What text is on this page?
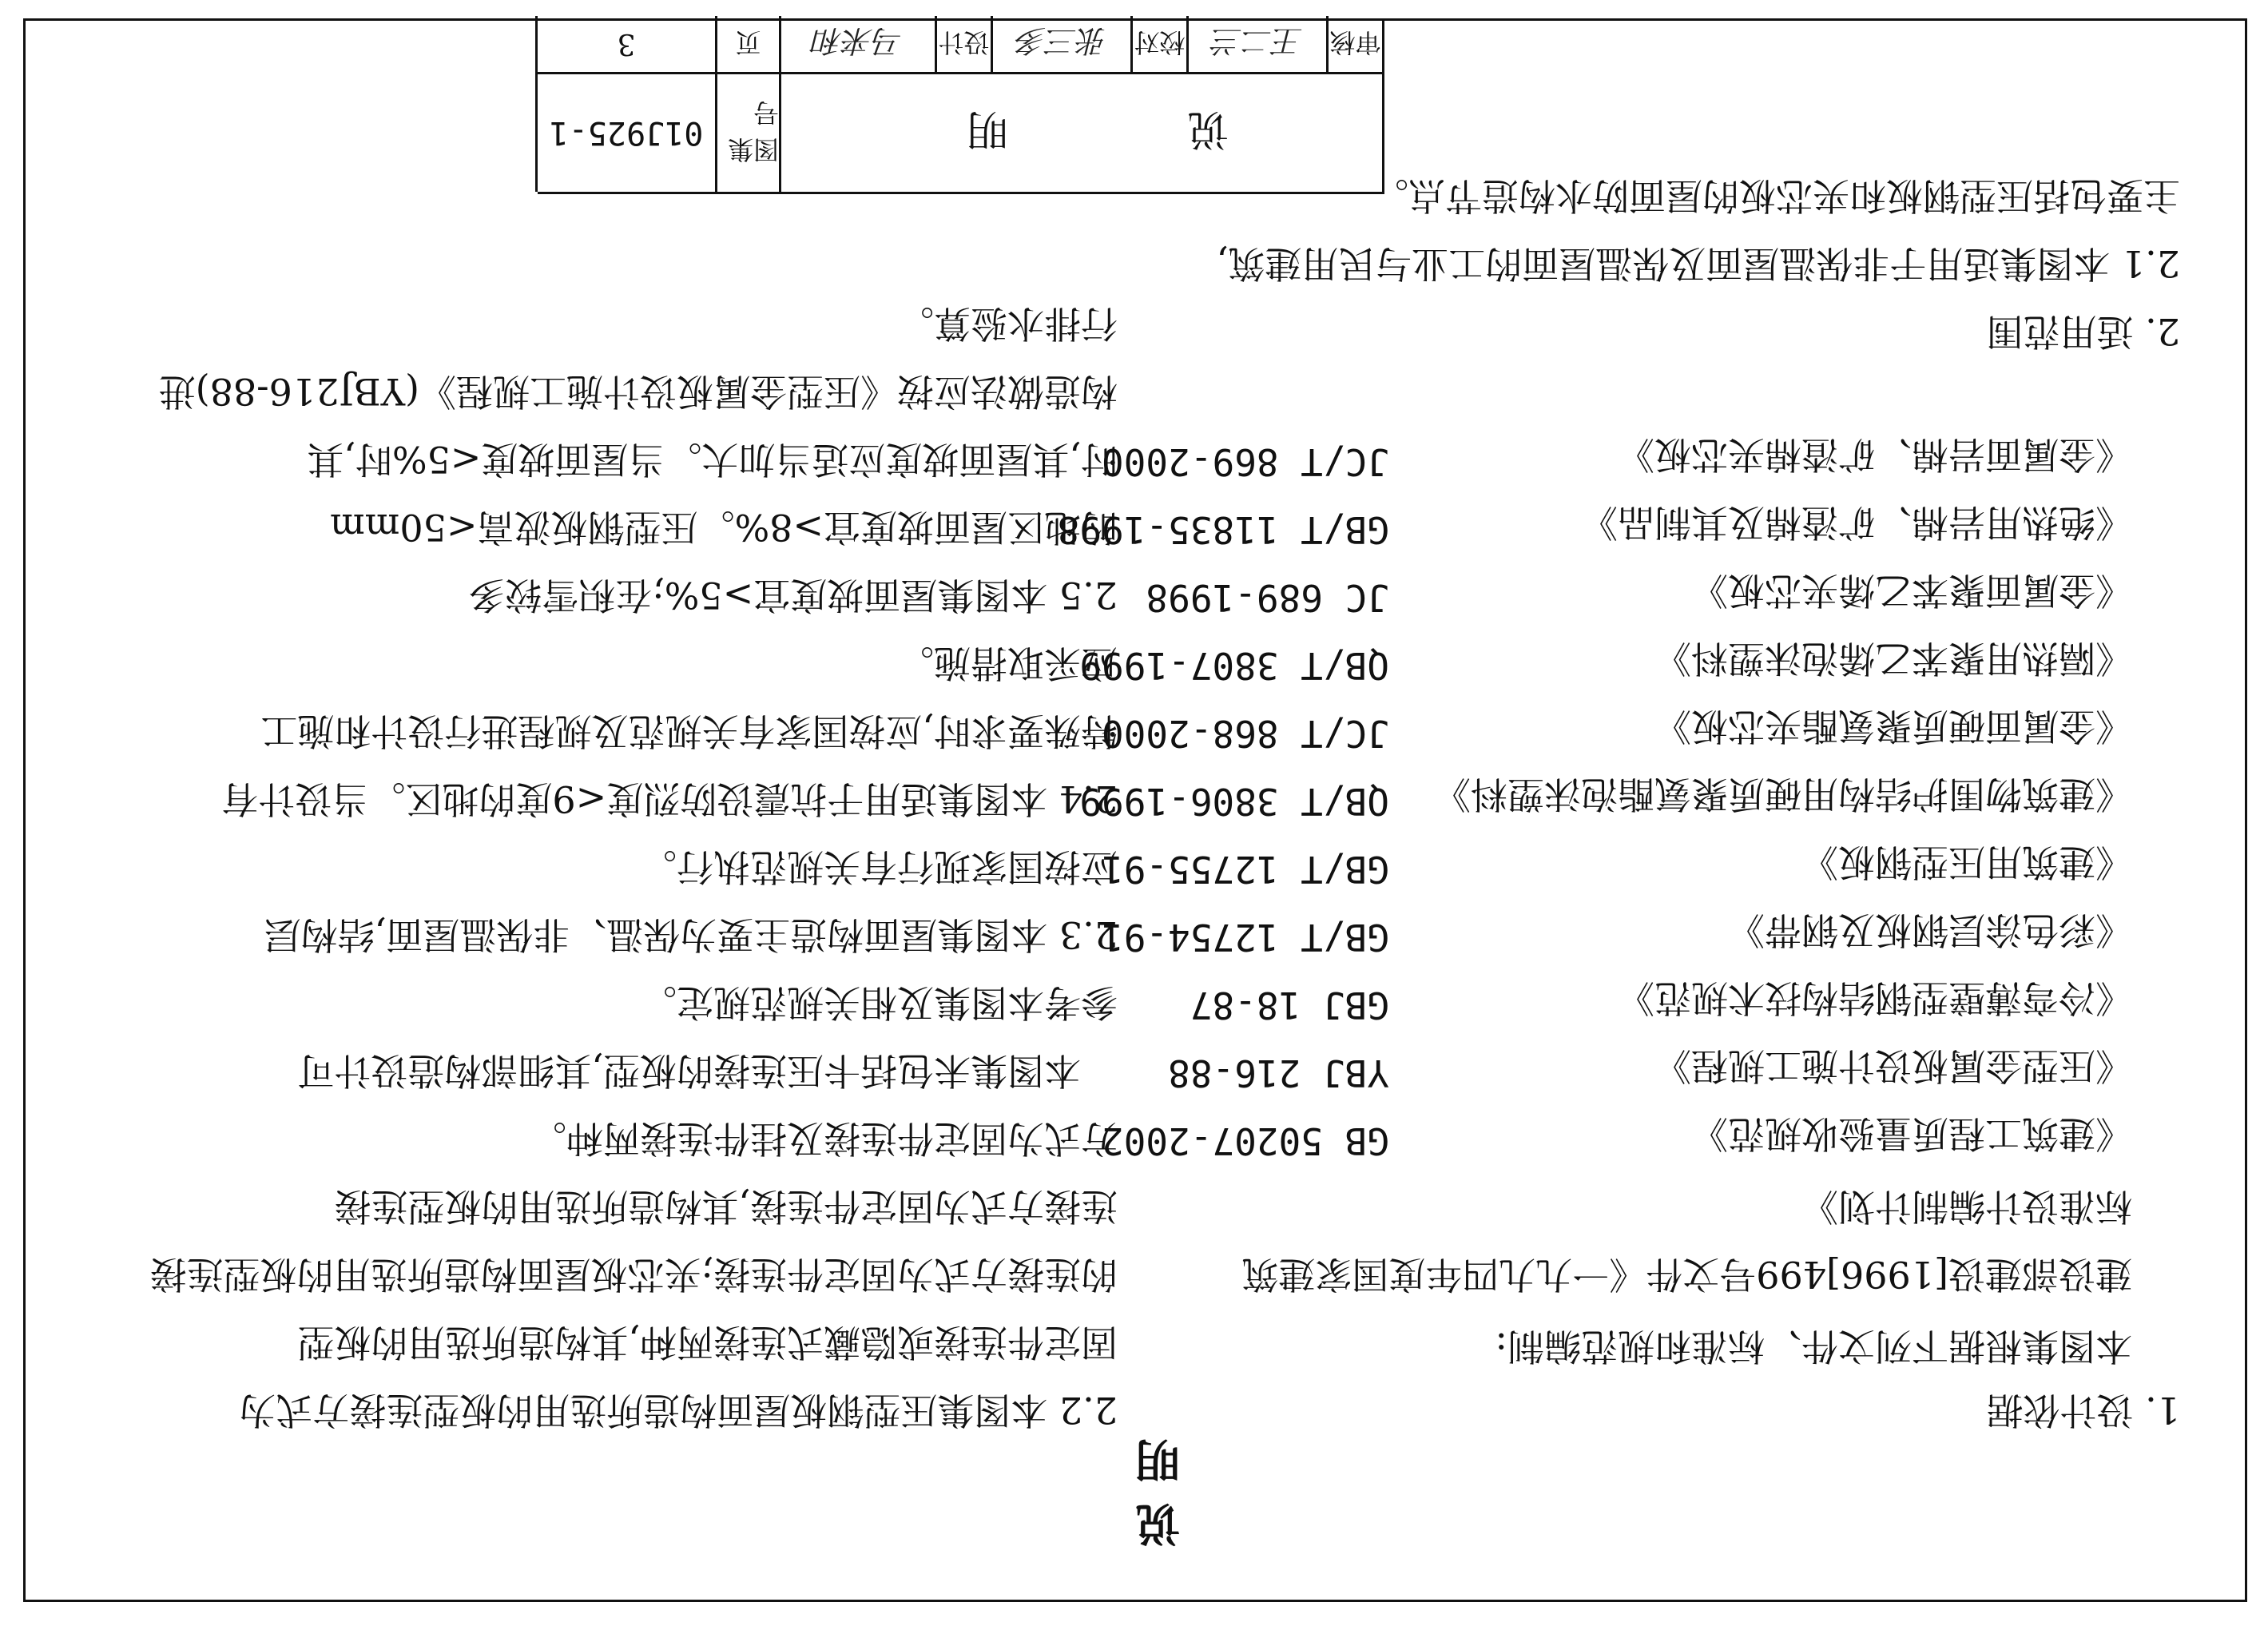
说　明
1. 设计依据
本图集根据下列文件、标准和规范编制:
建设部建设[1996]499号文件《一九九四年度国家建筑
标准设计编制计划》
《建筑工程质量验收规范》
GB 50207-2002
《压型金属板设计施工规程》
YBJ 216-88
《冷弯薄壁型钢结构技术规范》
GBJ 18-87
《彩色涂层钢板及钢带》
GB/T 12754-91
《建筑用压型钢板》
GB/T 12755-91
《建筑物围护结构用硬质聚氨酯泡沫塑料》
QB/T 3806-1999
《金属面硬质聚氨酯夹芯板》
JC/T 868-2000
《隔热用聚苯乙烯泡沫塑料》
QB/T 3807-1999
《金属面聚苯乙烯夹芯板》
JC 689-1998
《绝热用岩棉、矿渣棉及其制品》
GB/T 11835-1998
《金属面岩棉、矿渣棉夹芯板》
JC/T 869-2000
2. 适用范围
2.1 本图集适用于非保温屋面及保温屋面的工业与民用建筑,
主要包括压型钢板和夹芯板的屋面防水构造节点。
2.2 本图集压型钢板屋面构造所选用的板型连接方式为
固定件连接或隐藏式连接两种,其构造所选用的板型
的连接方式为固定件连接;夹芯板屋面构造所选用的板型连接
连接方式为固定件连接,其构造所选用的板型连接
方式为固定件连接及挂件连接两种。
　本图集未包括卡压连接的板型,其细部构造设计可
参考本图集及相关规范规定。
2.3 本图集屋面构造主要为保温、非保温屋面,结构层
应按国家现行有关规范执行。
2.4 本图集适用于抗震设防烈度<9度的地区。当设计有
特殊要求时,应按国家有关规范及规程进行设计和施工
应采取措施。
2.5 本图集屋面坡度宜>5%;在积雪较多
的地区屋面坡度宜>8%。压型钢板波高<50mm
时,其屋面坡度应适当加大。当屋面坡度<5%时,其
构造做法应按《压型金属板设计施工规程》(YBJ216-88)进
行排水验算。
说　　明
图集号
01J925-1
审核
王二兰
校对
张三多
设计
马来和
页
3
